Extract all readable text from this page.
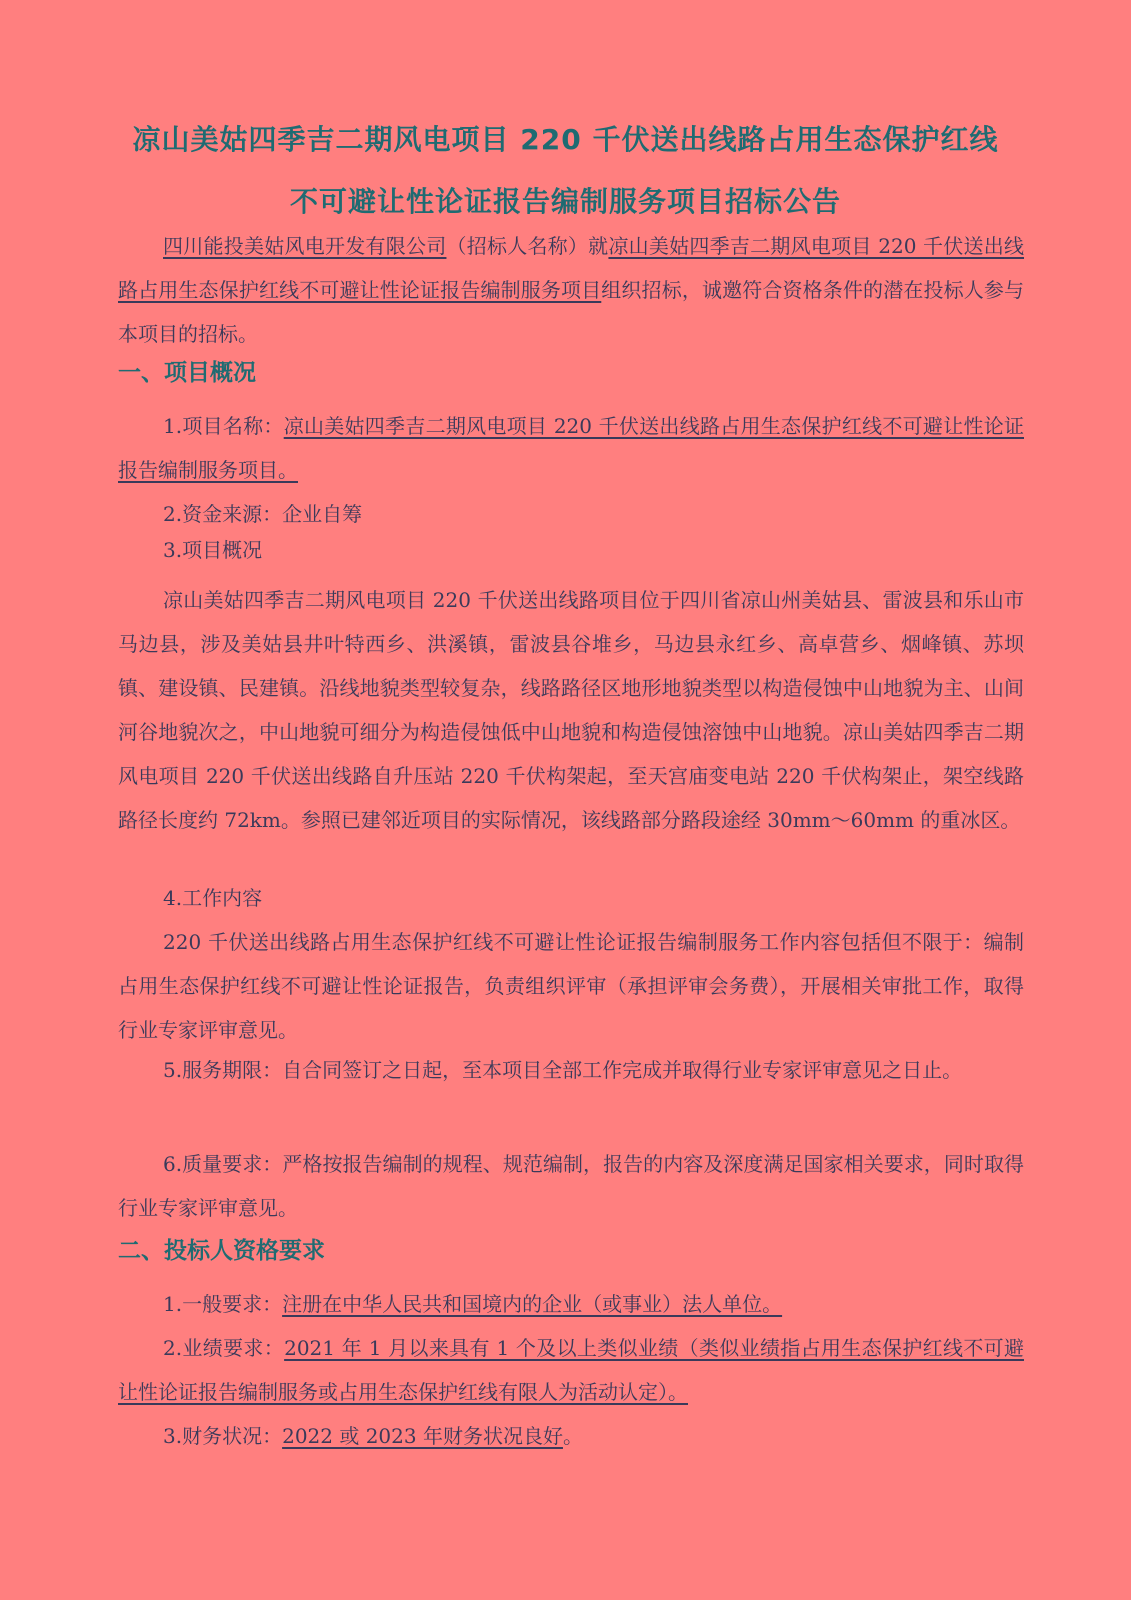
凉山美姑四季吉二期风电项目 220 千伏送出线路占用生态保护红线
不可避让性论证报告编制服务项目招标公告
四川能投美姑风电开发有限公司（招标人名称）就凉山美姑四季吉二期风电项目 220 千伏送出线路占用生态保护红线不可避让性论证报告编制服务项目组织招标，诚邀符合资格条件的潜在投标人参与本项目的招标。
一、项目概况
1.项目名称：凉山美姑四季吉二期风电项目 220 千伏送出线路占用生态保护红线不可避让性论证报告编制服务项目。
2.资金来源：企业自筹
3.项目概况
凉山美姑四季吉二期风电项目 220 千伏送出线路项目位于四川省凉山州美姑县、雷波县和乐山市马边县，涉及美姑县井叶特西乡、洪溪镇，雷波县谷堆乡，马边县永红乡、高卓营乡、烟峰镇、苏坝镇、建设镇、民建镇。沿线地貌类型较复杂，线路路径区地形地貌类型以构造侵蚀中山地貌为主、山间河谷地貌次之，中山地貌可细分为构造侵蚀低中山地貌和构造侵蚀溶蚀中山地貌。凉山美姑四季吉二期风电项目 220 千伏送出线路自升压站 220 千伏构架起，至天宫庙变电站 220 千伏构架止，架空线路路径长度约 72km。参照已建邻近项目的实际情况，该线路部分路段途经 30mm～60mm 的重冰区。
4.工作内容
220 千伏送出线路占用生态保护红线不可避让性论证报告编制服务工作内容包括但不限于：编制占用生态保护红线不可避让性论证报告，负责组织评审（承担评审会务费），开展相关审批工作，取得行业专家评审意见。
5.服务期限：自合同签订之日起，至本项目全部工作完成并取得行业专家评审意见之日止。
6.质量要求：严格按报告编制的规程、规范编制，报告的内容及深度满足国家相关要求，同时取得行业专家评审意见。
二、投标人资格要求
1.一般要求：注册在中华人民共和国境内的企业（或事业）法人单位。
2.业绩要求：2021 年 1 月以来具有 1 个及以上类似业绩（类似业绩指占用生态保护红线不可避让性论证报告编制服务或占用生态保护红线有限人为活动认定）。
3.财务状况：2022 或 2023 年财务状况良好。
